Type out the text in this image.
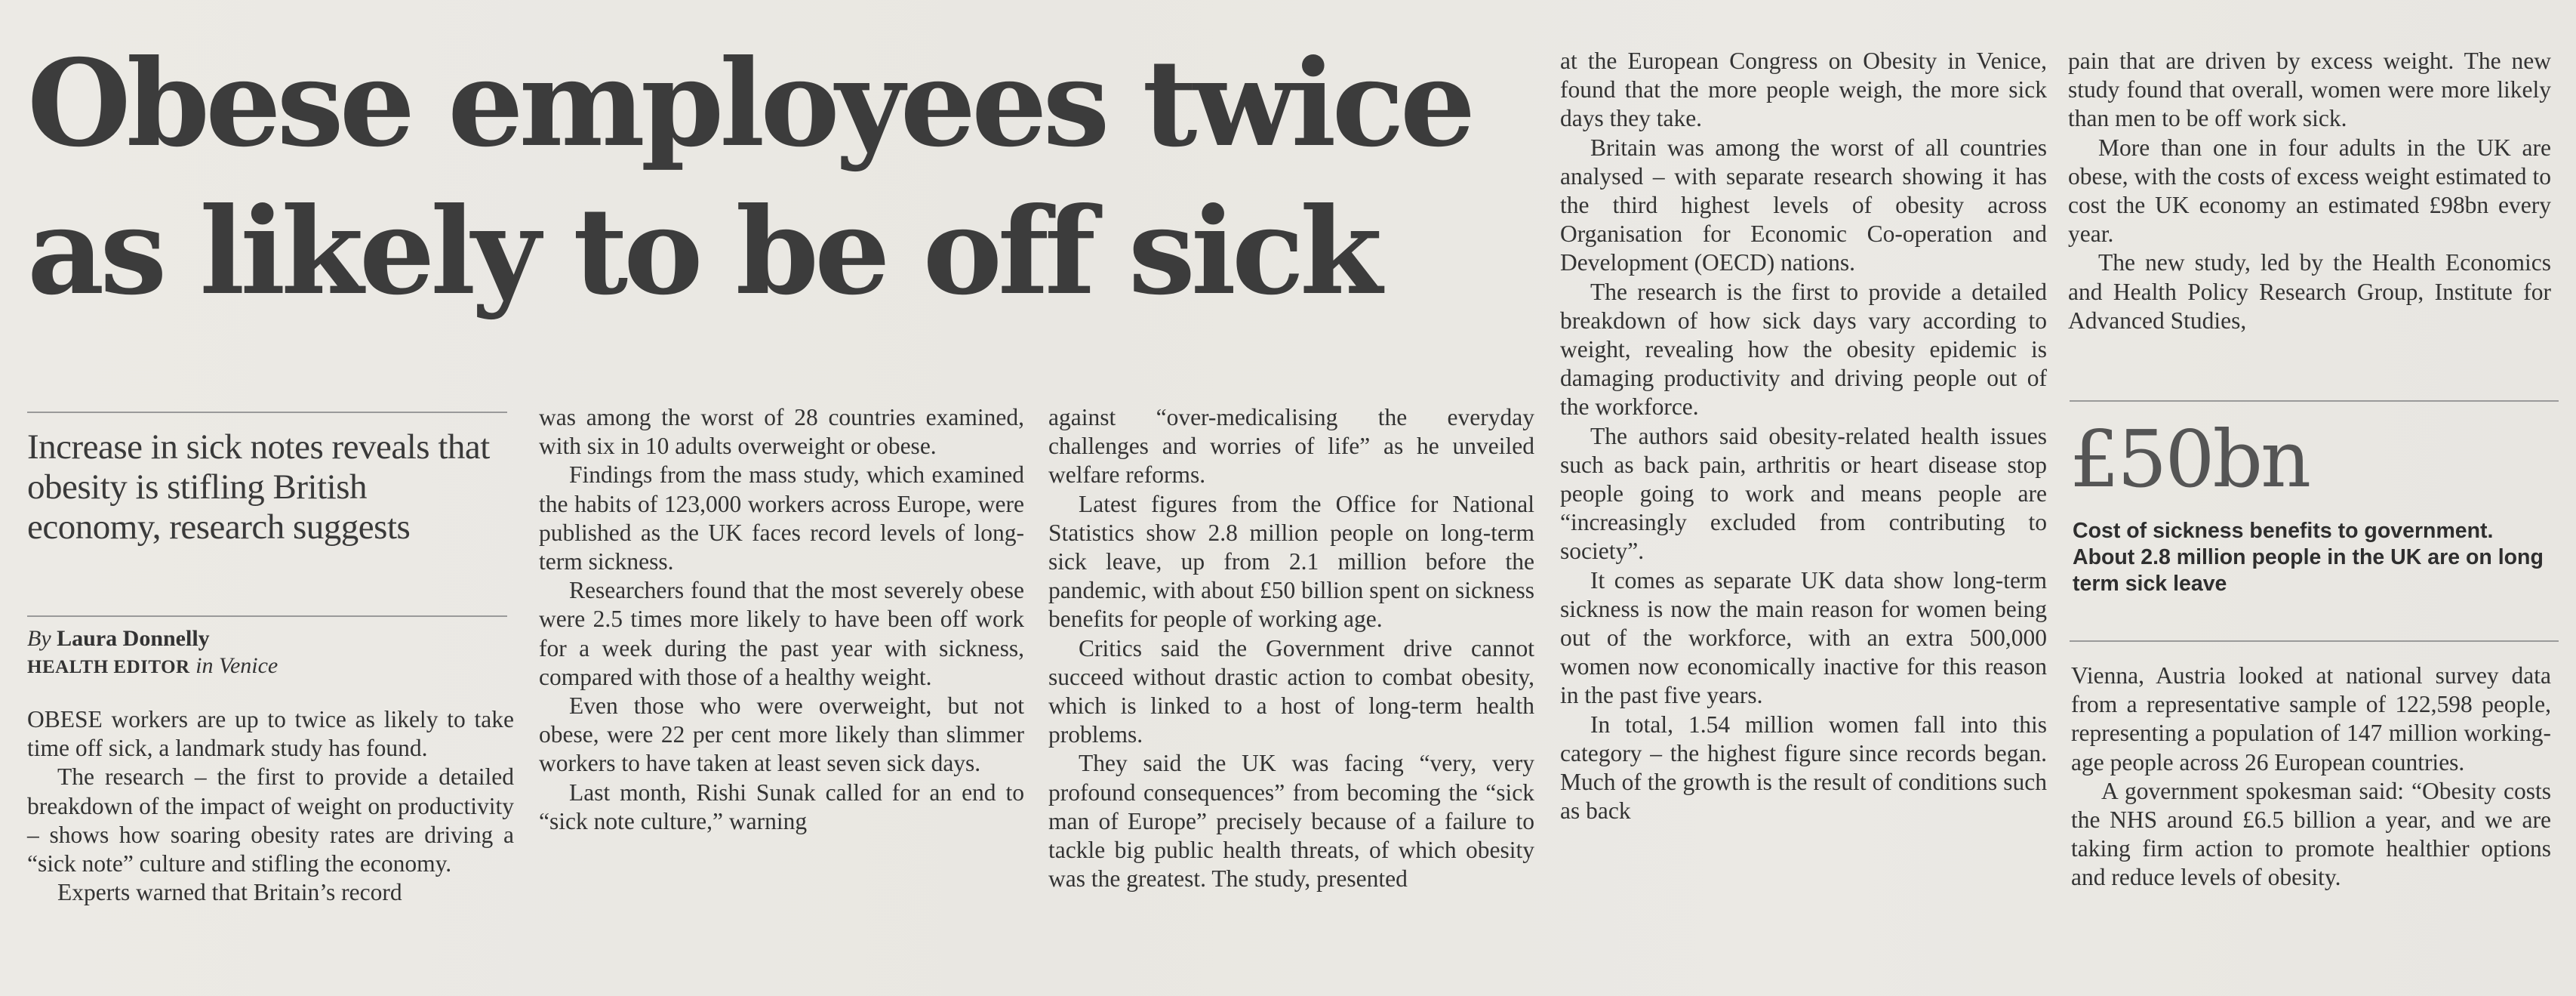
Obese employees twice
as likely to be off sick
Increase in sick notes reveals that obesity is stifling British economy, research suggests
By Laura Donnelly
HEALTH EDITOR in Venice

OBESE workers are up to twice as likely to take time off sick, a landmark study has found.

The research – the first to provide a detailed breakdown of the impact of weight on productivity – shows how soaring obesity rates are driving a “sick note” culture and stifling the economy.

Experts warned that Britain’s record

was among the worst of 28 countries examined, with six in 10 adults overweight or obese.

Findings from the mass study, which examined the habits of 123,000 workers across Europe, were published as the UK faces record levels of long-term sickness.

Researchers found that the most severely obese were 2.5 times more likely to have been off work for a week during the past year with sickness, compared with those of a healthy weight.

Even those who were overweight, but not obese, were 22 per cent more likely than slimmer workers to have taken at least seven sick days.

Last month, Rishi Sunak called for an end to “sick note culture,” warning

against “over-medicalising the everyday challenges and worries of life” as he unveiled welfare reforms.

Latest figures from the Office for National Statistics show 2.8 million people on long-term sick leave, up from 2.1 million before the pandemic, with about £50 billion spent on sickness benefits for people of working age.

Critics said the Government drive cannot succeed without drastic action to combat obesity, which is linked to a host of long-term health problems.

They said the UK was facing “very, very profound consequences” from becoming the “sick man of Europe” precisely because of a failure to tackle big public health threats, of which obesity was the greatest. The study, presented

at the European Congress on Obesity in Venice, found that the more people weigh, the more sick days they take.

Britain was among the worst of all countries analysed – with separate research showing it has the third highest levels of obesity across Organisation for Economic Co-operation and Development (OECD) nations.

The research is the first to provide a detailed breakdown of how sick days vary according to weight, revealing how the obesity epidemic is damaging productivity and driving people out of the workforce.

The authors said obesity-related health issues such as back pain, arthritis or heart disease stop people going to work and means people are “increasingly excluded from contributing to society”.

It comes as separate UK data show long-term sickness is now the main reason for women being out of the workforce, with an extra 500,000 women now economically inactive for this reason in the past five years.

In total, 1.54 million women fall into this category – the highest figure since records began. Much of the growth is the result of conditions such as back

pain that are driven by excess weight. The new study found that overall, women were more likely than men to be off work sick.

More than one in four adults in the UK are obese, with the costs of excess weight estimated to cost the UK economy an estimated £98bn every year.

The new study, led by the Health Economics and Health Policy Research Group, Institute for Advanced Studies,

£50bn
Cost of sickness benefits to government. About 2.8 million people in the UK are on long term sick leave

Vienna, Austria looked at national survey data from a representative sample of 122,598 people, representing a population of 147 million working-age people across 26 European countries.

A government spokesman said: “Obesity costs the NHS around £6.5 billion a year, and we are taking firm action to promote healthier options and reduce levels of obesity.
